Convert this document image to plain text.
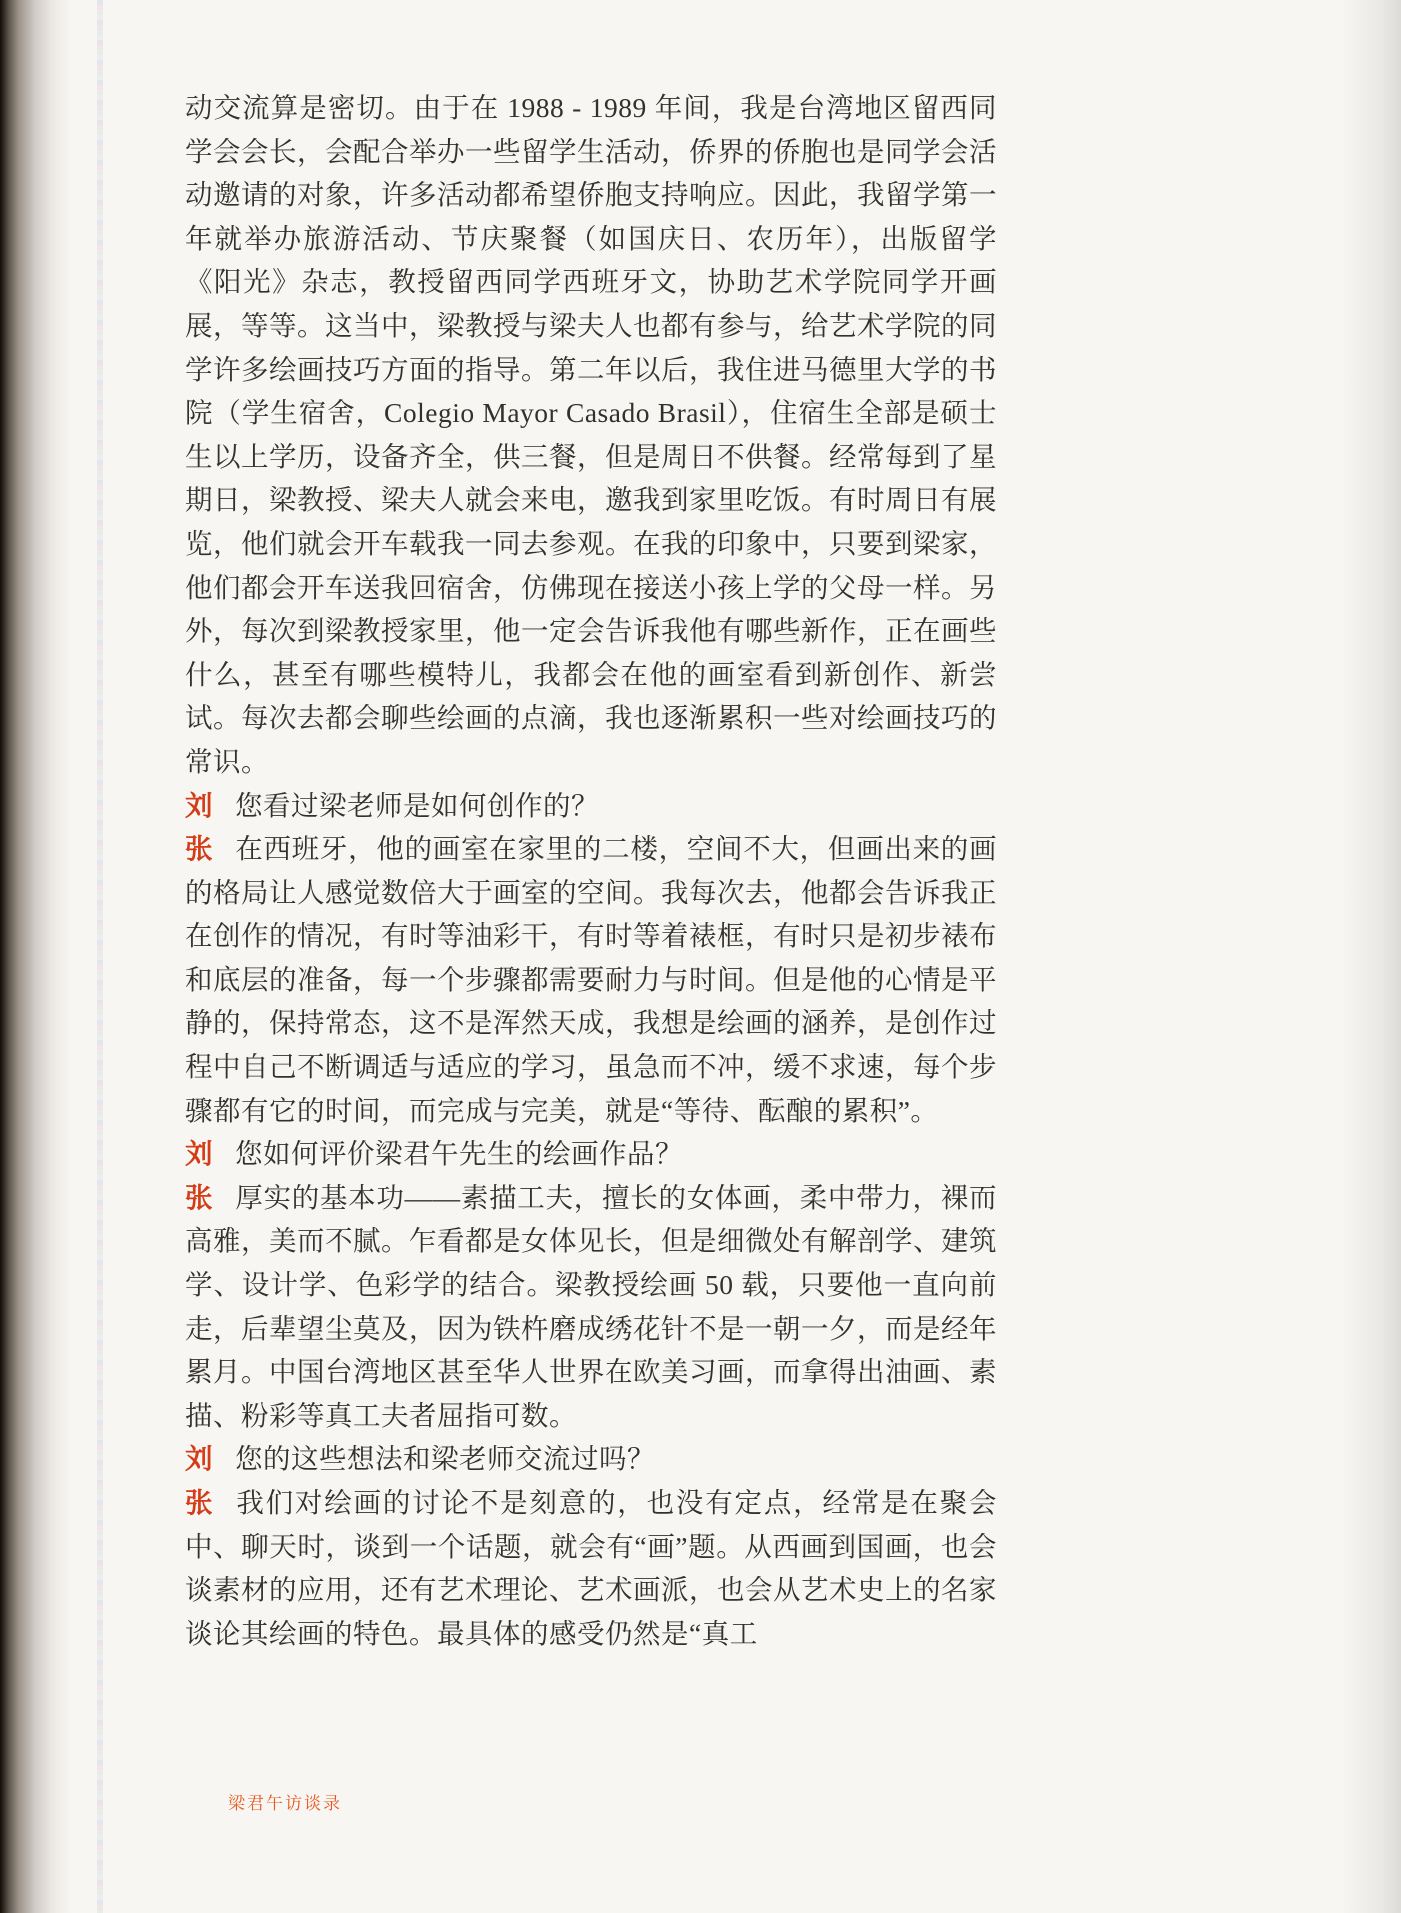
动交流算是密切。由于在 1988 - 1989 年间，我是台湾地区留西同学会会长，会配合举办一些留学生活动，侨界的侨胞也是同学会活动邀请的对象，许多活动都希望侨胞支持响应。因此，我留学第一年就举办旅游活动、节庆聚餐（如国庆日、农历年），出版留学《阳光》杂志，教授留西同学西班牙文，协助艺术学院同学开画展，等等。这当中，梁教授与梁夫人也都有参与，给艺术学院的同学许多绘画技巧方面的指导。第二年以后，我住进马德里大学的书院（学生宿舍，Colegio Mayor Casado Brasil），住宿生全部是硕士生以上学历，设备齐全，供三餐，但是周日不供餐。经常每到了星期日，梁教授、梁夫人就会来电，邀我到家里吃饭。有时周日有展览，他们就会开车载我一同去参观。在我的印象中，只要到梁家，他们都会开车送我回宿舍，仿佛现在接送小孩上学的父母一样。另外，每次到梁教授家里，他一定会告诉我他有哪些新作，正在画些什么，甚至有哪些模特儿，我都会在他的画室看到新创作、新尝试。每次去都会聊些绘画的点滴，我也逐渐累积一些对绘画技巧的常识。

刘 您看过梁老师是如何创作的？

张 在西班牙，他的画室在家里的二楼，空间不大，但画出来的画的格局让人感觉数倍大于画室的空间。我每次去，他都会告诉我正在创作的情况，有时等油彩干，有时等着裱框，有时只是初步裱布和底层的准备，每一个步骤都需要耐力与时间。但是他的心情是平静的，保持常态，这不是浑然天成，我想是绘画的涵养，是创作过程中自己不断调适与适应的学习，虽急而不冲，缓不求速，每个步骤都有它的时间，而完成与完美，就是“等待、酝酿的累积”。

刘 您如何评价梁君午先生的绘画作品？

张 厚实的基本功——素描工夫，擅长的女体画，柔中带力，裸而高雅，美而不腻。乍看都是女体见长，但是细微处有解剖学、建筑学、设计学、色彩学的结合。梁教授绘画 50 载，只要他一直向前走，后辈望尘莫及，因为铁杵磨成绣花针不是一朝一夕，而是经年累月。中国台湾地区甚至华人世界在欧美习画，而拿得出油画、素描、粉彩等真工夫者屈指可数。

刘 您的这些想法和梁老师交流过吗？

张 我们对绘画的讨论不是刻意的，也没有定点，经常是在聚会中、聊天时，谈到一个话题，就会有“画”题。从西画到国画，也会谈素材的应用，还有艺术理论、艺术画派，也会从艺术史上的名家谈论其绘画的特色。最具体的感受仍然是“真工

梁君午访谈录
